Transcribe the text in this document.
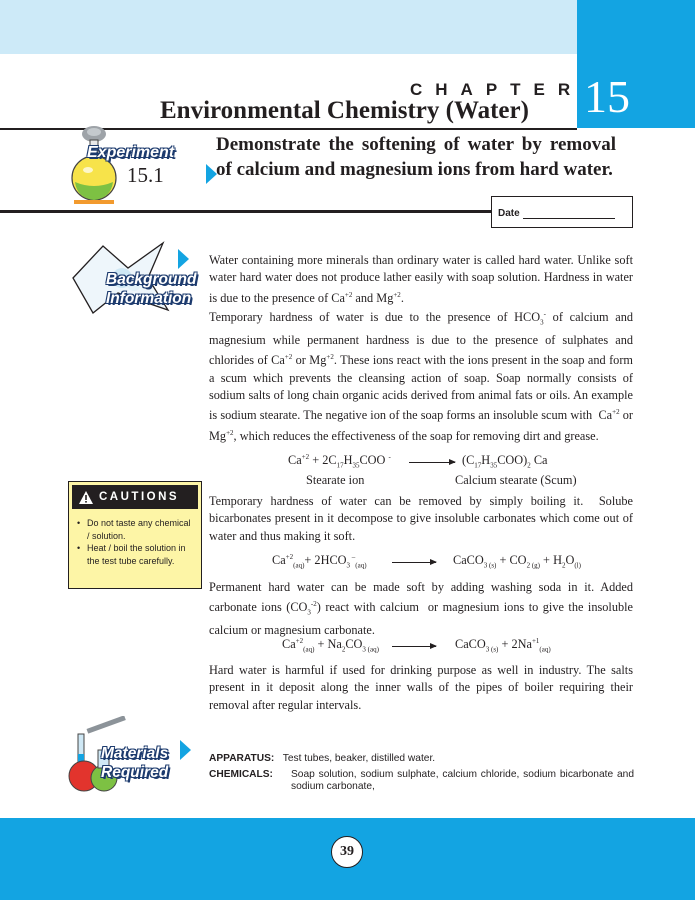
15
CHAPTER
Environmental Chemistry (Water)
Experiment
15.1
Demonstrate the softening of water by removal of calcium and magnesium ions from hard water.
Date
Background
Information
Water containing more minerals than ordinary water is called hard water. Unlike soft water hard water does not produce lather easily with soap solution. Hardness in water is due to the presence of $Ca^{+2}$ and $Mg^{+2}$.
Temporary hardness of water is due to the presence of $HCO_3^-$ of calcium and magnesium while permanent hardness is due to the presence of sulphates and chlorides of $Ca^{+2}$ or $Mg^{+2}$. These ions react with the ions present in the soap and form a scum which prevents the cleansing action of soap. Soap normally consists of sodium salts of long chain organic acids derived from animal fats or oils. An example is sodium stearate. The negative ion of the soap forms an insoluble scum with  $Ca^{+2}$ or $Mg^{+2}$, which reduces the effectiveness of the soap for removing dirt and grease.
$Ca^{+2} + 2C_{17}H_{35}COO$ -	$(C_{17}H_{35}COO)_2$ Ca
Stearate ion	Calcium stearate (Scum)
CAUTIONS
• Do not taste any chemical / solution.
• Heat / boil the solution in the test tube carefully.
Temporary hardness of water can be removed by simply boiling it.  Solube bicarbonates present in it decompose to give insoluble carbonates which come out of water and thus making it soft.
$Ca^{+2}_{(aq)}+ 2HCO_3$ –$_{(aq)}$	CaCO$_{3 (s)}$ + $CO_{2 (g)} + H_2O_{(l)}$
Permanent hard water can be made soft by adding washing soda in it. Added carbonate ions $(CO_3^{-2})$ react with calcium  or magnesium ions to give the insoluble calcium or magnesium carbonate.
$Ca^{+2}_{(aq)} + Na_2CO_{3 (aq)}$	CaCO$_{3 (s)}$ + $2Na^{+1}_{(aq)}$
Hard water is harmful if used for drinking purpose as well in industry. The salts present in it deposit along the inner walls of the pipes of boiler requiring their removal after regular intervals.
Materials
Required
APPARATUS: Test tubes, beaker, distilled water.
CHEMICALS:	Soap solution, sodium sulphate, calcium chloride, sodium bicarbonate and sodium carbonate,
39
